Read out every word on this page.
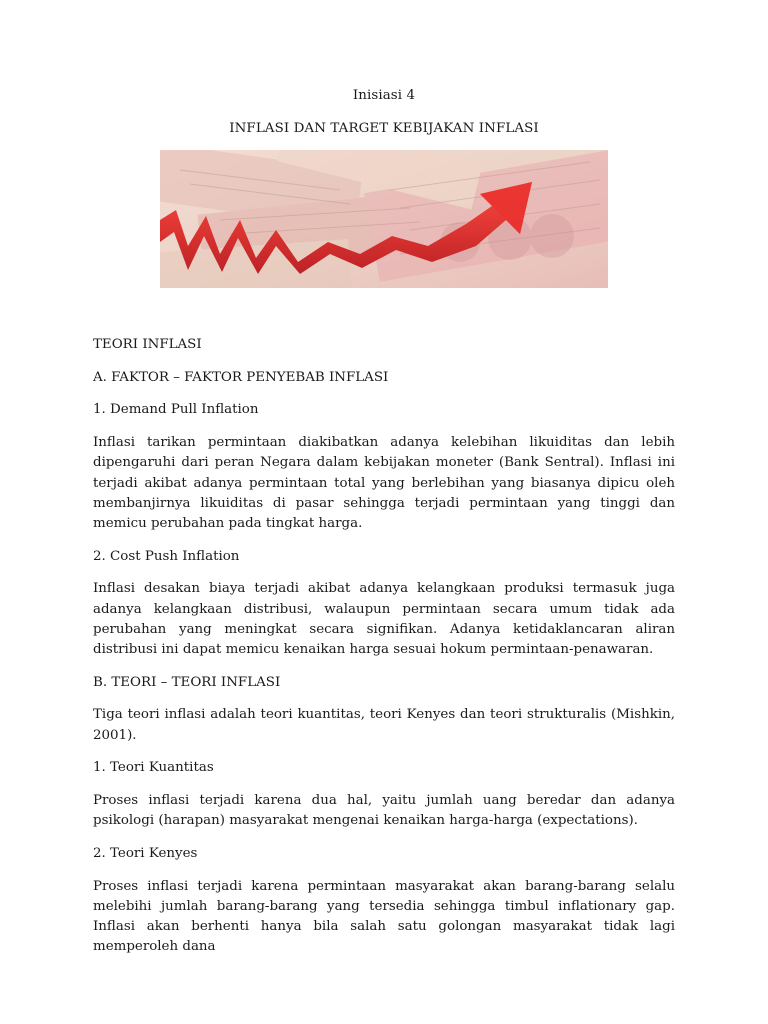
Inisiasi 4
INFLASI DAN TARGET KEBIJAKAN INFLASI

TEORI INFLASI

A. FAKTOR – FAKTOR PENYEBAB INFLASI

1. Demand Pull Inflation

Inflasi tarikan permintaan diakibatkan adanya kelebihan likuiditas dan lebih dipengaruhi dari peran Negara dalam kebijakan moneter (Bank Sentral). Inflasi ini terjadi akibat adanya permintaan total yang berlebihan yang biasanya dipicu oleh membanjirnya likuiditas di pasar sehingga terjadi permintaan yang tinggi dan memicu perubahan pada tingkat harga.

2. Cost Push Inflation

Inflasi desakan biaya terjadi akibat adanya kelangkaan produksi termasuk juga adanya kelangkaan distribusi, walaupun permintaan secara umum tidak ada perubahan yang meningkat secara signifikan. Adanya ketidaklancaran aliran distribusi ini dapat memicu kenaikan harga sesuai hokum permintaan-penawaran.

B. TEORI – TEORI INFLASI

Tiga teori inflasi adalah teori kuantitas, teori Kenyes dan teori strukturalis (Mishkin, 2001).

1. Teori Kuantitas

Proses inflasi terjadi karena dua hal, yaitu jumlah uang beredar dan adanya psikologi (harapan) masyarakat mengenai kenaikan harga-harga (expectations).

2. Teori Kenyes

Proses inflasi terjadi karena permintaan masyarakat akan barang-barang selalu melebihi jumlah barang-barang yang tersedia sehingga timbul inflationary gap. Inflasi akan berhenti hanya bila salah satu golongan masyarakat tidak lagi memperoleh dana
